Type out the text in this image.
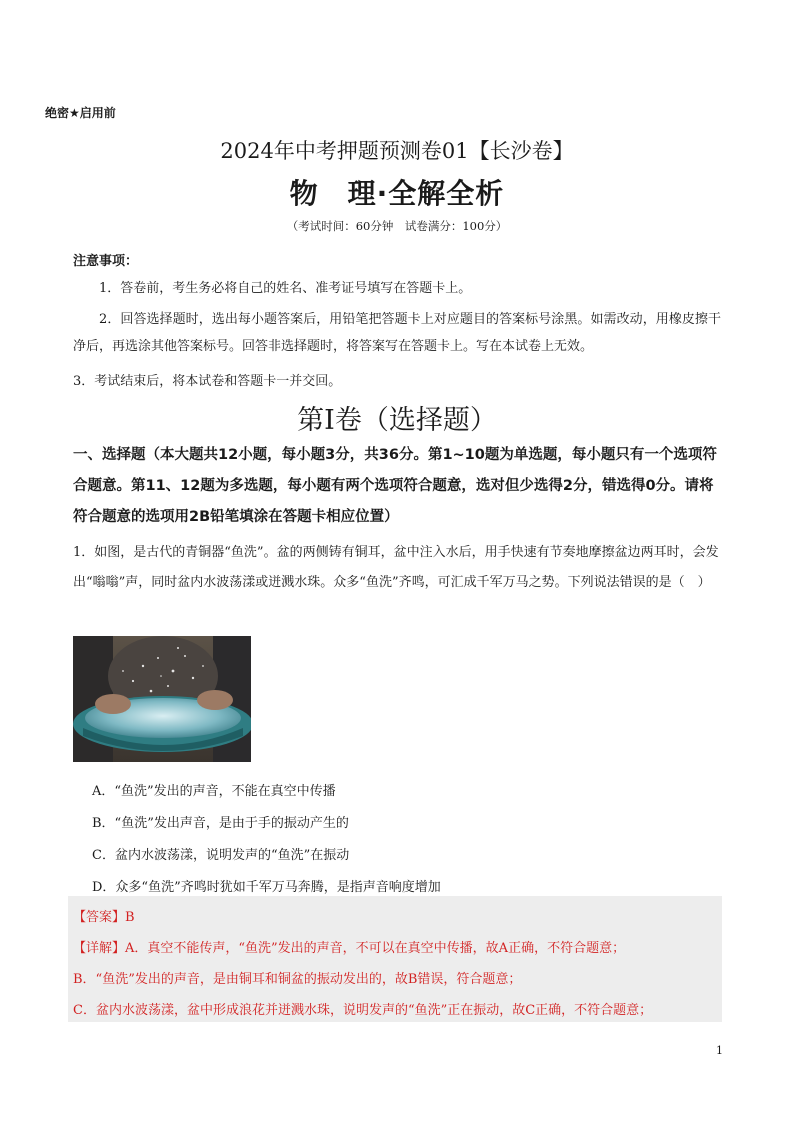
绝密★启用前
2024年中考押题预测卷01【长沙卷】
物　理·全解全析
（考试时间：60分钟　试卷满分：100分）
注意事项：
1．答卷前，考生务必将自己的姓名、准考证号填写在答题卡上。
2．回答选择题时，选出每小题答案后，用铅笔把答题卡上对应题目的答案标号涂黑。如需改动，用橡皮擦干净后，再选涂其他答案标号。回答非选择题时，将答案写在答题卡上。写在本试卷上无效。
3．考试结束后，将本试卷和答题卡一并交回。
第Ⅰ卷（选择题）
一、选择题（本大题共12小题，每小题3分，共36分。第1~10题为单选题，每小题只有一个选项符合题意。第11、12题为多选题，每小题有两个选项符合题意，选对但少选得2分，错选得0分。请将符合题意的选项用2B铅笔填涂在答题卡相应位置）
1．如图，是古代的青铜器“鱼洗”。盆的两侧铸有铜耳，盆中注入水后，用手快速有节奏地摩擦盆边两耳时，会发出“嗡嗡”声，同时盆内水波荡漾或迸溅水珠。众多“鱼洗”齐鸣，可汇成千军万马之势。下列说法错误的是（　）
A．“鱼洗”发出的声音，不能在真空中传播
B．“鱼洗”发出声音，是由于手的振动产生的
C．盆内水波荡漾，说明发声的“鱼洗”在振动
D．众多“鱼洗”齐鸣时犹如千军万马奔腾，是指声音响度增加
【答案】B
【详解】A．真空不能传声，“鱼洗”发出的声音，不可以在真空中传播，故A正确，不符合题意；
B．“鱼洗”发出的声音，是由铜耳和铜盆的振动发出的，故B错误，符合题意；
C．盆内水波荡漾，盆中形成浪花并迸溅水珠，说明发声的“鱼洗”正在振动，故C正确，不符合题意；
1
